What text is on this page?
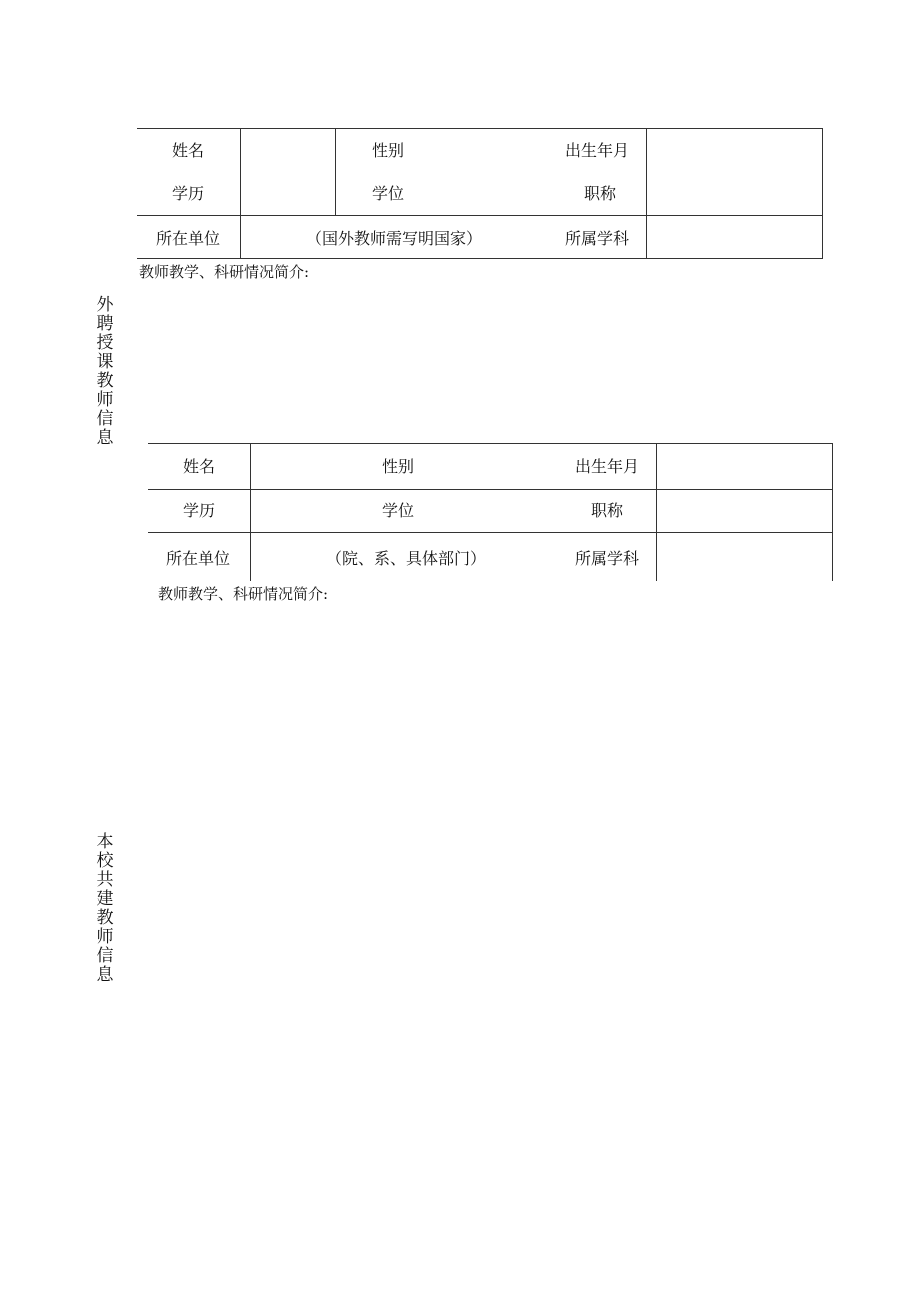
外聘授课教师信息
姓名	性别	出生年月
学历	学位	职称
所在单位	（国外教师需写明国家）	所属学科
教师教学、科研情况简介:
本校共建教师信息
姓名	性别	出生年月
学历	学位	职称
所在单位	（院、系、具体部门）	所属学科
教师教学、科研情况简介:
